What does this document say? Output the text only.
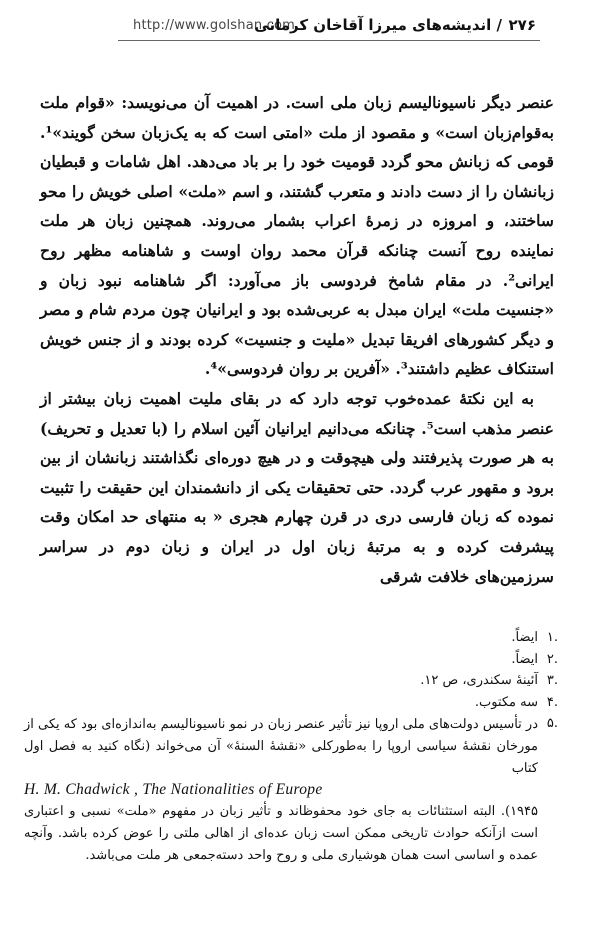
http://www.golshan.com
/ اندیشه‌های میرزا آقاخان کرمانی ۲۷۶

عنصر دیگر ناسیونالیسم زبان ملی است. در اهمیت آن می‌نویسد: «قوام ملت به‌قوام‌زبان است» و مقصود از ملت «امتی است که به یک‌زبان سخن گویند»¹. قومی که زبانش محو گردد قومیت خود را بر باد می‌دهد. اهل شامات و قبطیان زبانشان را از دست دادند و متعرب گشتند، و اسم «ملت» اصلی خویش را محو ساختند، و امروزه در زمرهٔ اعراب بشمار می‌روند. همچنین زبان هر ملت نماینده روح آنست چنانکه قرآن محمد روان اوست و شاهنامه مظهر روح ایرانی². در مقام شامخ فردوسی باز می‌آورد: اگر شاهنامه نبود زبان و «جنسیت ملت» ایران مبدل به عربی‌شده بود و ایرانیان چون مردم شام و مصر و دیگر کشورهای افریقا تبدیل «ملیت و جنسیت» کرده بودند و از جنس خویش استنکاف عظیم داشتند³. «آفرین بر روان فردوسی»⁴.

به این نکتهٔ عمده‌خوب توجه دارد که در بقای ملیت اهمیت زبان بیشتر از عنصر مذهب است⁵. چنانکه می‌دانیم ایرانیان آئین اسلام را (با تعدیل و تحریف) به هر صورت پذیرفتند ولی هیچوقت و در هیچ دوره‌ای نگذاشتند زبانشان از بین برود و مقهور عرب گردد. حتی تحقیقات یکی از دانشمندان این حقیقت را تثبیت نموده که زبان فارسی دری در قرن چهارم هجری « به منتهای حد امکان وقت پیشرفت کرده و به مرتبهٔ زبان اول در ایران و زبان دوم در سراسر سرزمین‌های خلافت شرقی

.۱
ایضاً.
.۲
ایضاً.
.۳
آئینهٔ سکندری، ص ۱۲.
.۴
سه مکتوب.
.۵
در تأسیس دولت‌های ملی اروپا نیز تأثیر عنصر زبان در نمو ناسیونالیسم به‌اندازه‌ای بود که یکی از مورخان نقشهٔ سیاسی اروپا را به‌طورکلی «نقشهٔ السنهٔ» آن می‌خواند (نگاه کنید به فصل اول کتاب
H. M. Chadwick , The Nationalities of Europe
۱۹۴۵). البته استثنائات به جای خود محفوظاند و تأثیر زبان در مفهوم «ملت» نسبی و اعتباری است ازآنکه حوادث تاریخی ممکن است زبان عده‌ای از اهالی ملتی را عوض کرده باشد. وآنچه عمده و اساسی است همان هوشیاری ملی و روح واحد دسته‌جمعی هر ملت می‌باشد.
